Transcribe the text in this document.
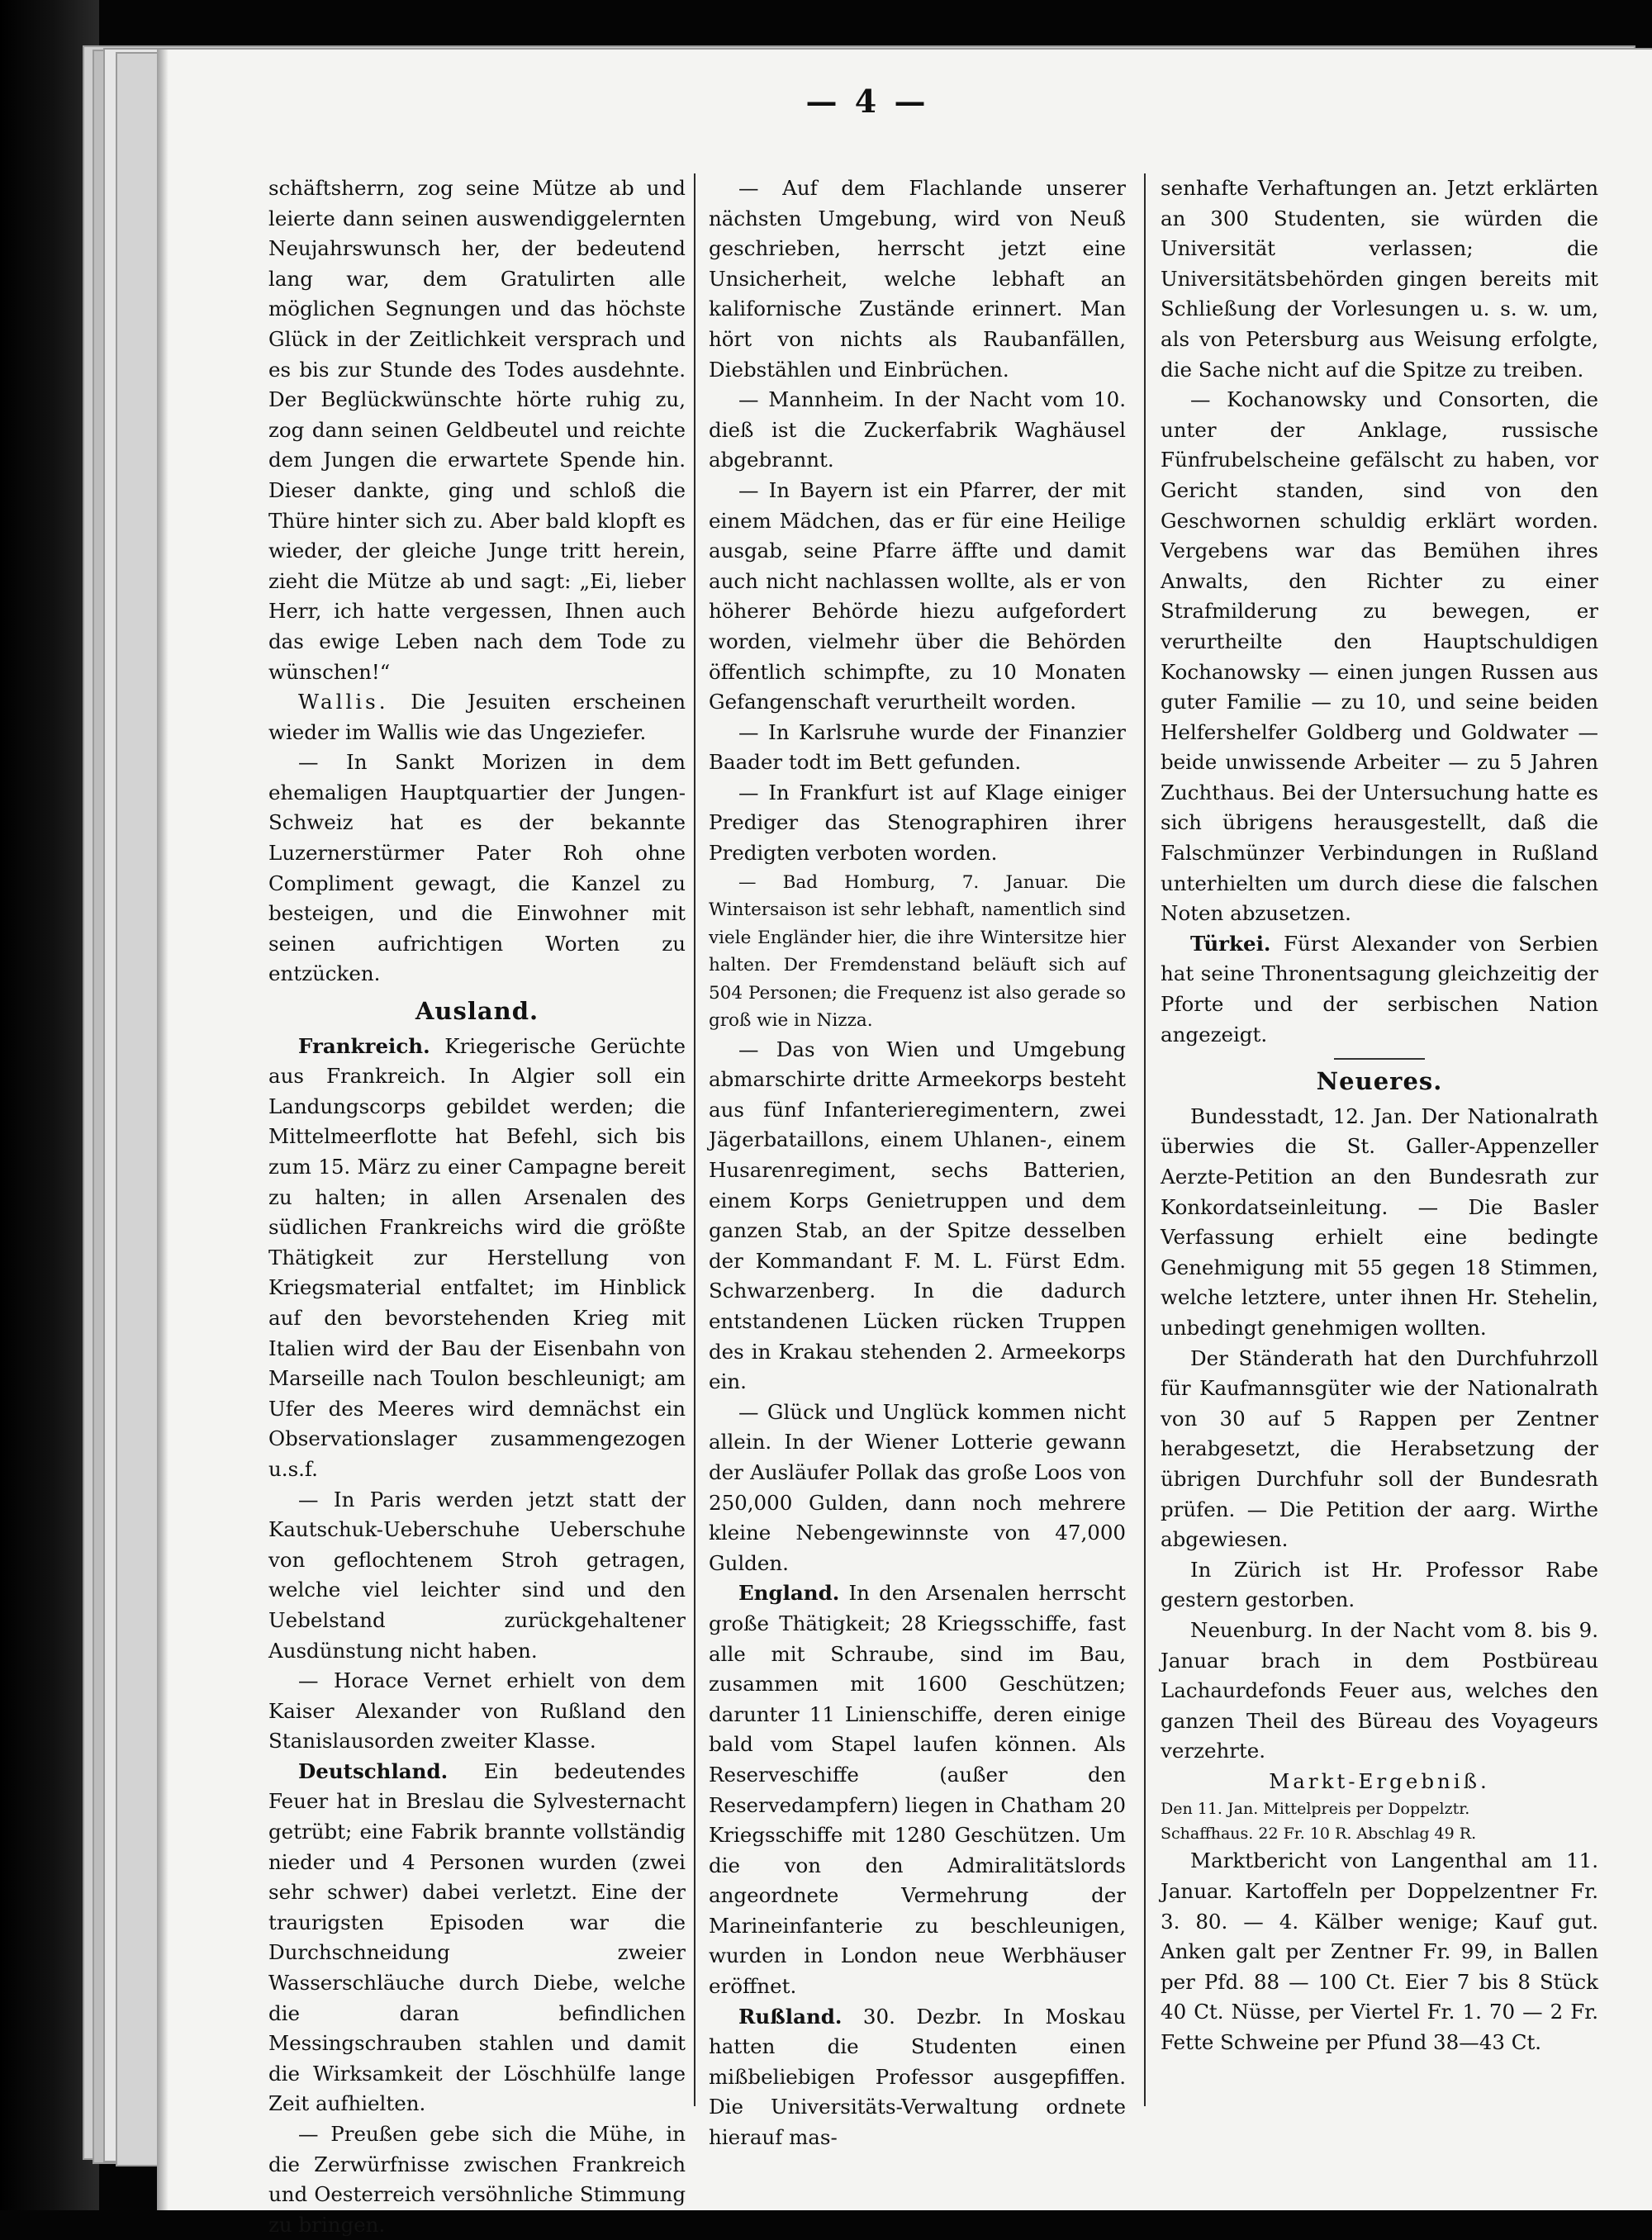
— 4 —

schäftsherrn, zog seine Mütze ab und leierte dann seinen auswendiggelernten Neujahrswunsch her, der bedeutend lang war, dem Gratulirten alle möglichen Segnungen und das höchste Glück in der Zeitlichkeit versprach und es bis zur Stunde des Todes ausdehnte. Der Beglückwünschte hörte ruhig zu, zog dann seinen Geldbeutel und reichte dem Jungen die erwartete Spende hin. Dieser dankte, ging und schloß die Thüre hinter sich zu. Aber bald klopft es wieder, der gleiche Junge tritt herein, zieht die Mütze ab und sagt: „Ei, lieber Herr, ich hatte vergessen, Ihnen auch das ewige Leben nach dem Tode zu wünschen!“

Wallis. Die Jesuiten erscheinen wieder im Wallis wie das Ungeziefer.

— In Sankt Morizen in dem ehemaligen Hauptquartier der Jungen-Schweiz hat es der bekannte Luzernerstürmer Pater Roh ohne Compliment gewagt, die Kanzel zu besteigen, und die Einwohner mit seinen aufrichtigen Worten zu entzücken.

Ausland.

Frankreich. Kriegerische Gerüchte aus Frankreich. In Algier soll ein Landungscorps gebildet werden; die Mittelmeerflotte hat Befehl, sich bis zum 15. März zu einer Campagne bereit zu halten; in allen Arsenalen des südlichen Frankreichs wird die größte Thätigkeit zur Herstellung von Kriegsmaterial entfaltet; im Hinblick auf den bevorstehenden Krieg mit Italien wird der Bau der Eisenbahn von Marseille nach Toulon beschleunigt; am Ufer des Meeres wird demnächst ein Observationslager zusammengezogen u.s.f.

— In Paris werden jetzt statt der Kautschuk-Ueberschuhe Ueberschuhe von geflochtenem Stroh getragen, welche viel leichter sind und den Uebelstand zurückgehaltener Ausdünstung nicht haben.

— Horace Vernet erhielt von dem Kaiser Alexander von Rußland den Stanislausorden zweiter Klasse.

Deutschland. Ein bedeutendes Feuer hat in Breslau die Sylvesternacht getrübt; eine Fabrik brannte vollständig nieder und 4 Personen wurden (zwei sehr schwer) dabei verletzt. Eine der traurigsten Episoden war die Durchschneidung zweier Wasserschläuche durch Diebe, welche die daran befindlichen Messingschrauben stahlen und damit die Wirksamkeit der Löschhülfe lange Zeit aufhielten.

— Preußen gebe sich die Mühe, in die Zerwürfnisse zwischen Frankreich und Oesterreich versöhnliche Stimmung zu bringen.

— Auf dem Flachlande unserer nächsten Umgebung, wird von Neuß geschrieben, herrscht jetzt eine Unsicherheit, welche lebhaft an kalifornische Zustände erinnert. Man hört von nichts als Raubanfällen, Diebstählen und Einbrüchen.

— Mannheim. In der Nacht vom 10. dieß ist die Zuckerfabrik Waghäusel abgebrannt.

— In Bayern ist ein Pfarrer, der mit einem Mädchen, das er für eine Heilige ausgab, seine Pfarre äffte und damit auch nicht nachlassen wollte, als er von höherer Behörde hiezu aufgefordert worden, vielmehr über die Behörden öffentlich schimpfte, zu 10 Monaten Gefangenschaft verurtheilt worden.

— In Karlsruhe wurde der Finanzier Baader todt im Bett gefunden.

— In Frankfurt ist auf Klage einiger Prediger das Stenographiren ihrer Predigten verboten worden.

— Bad Homburg, 7. Januar. Die Wintersaison ist sehr lebhaft, namentlich sind viele Engländer hier, die ihre Wintersitze hier halten. Der Fremdenstand beläuft sich auf 504 Personen; die Frequenz ist also gerade so groß wie in Nizza.

— Das von Wien und Umgebung abmarschirte dritte Armeekorps besteht aus fünf Infanterieregimentern, zwei Jägerbataillons, einem Uhlanen-, einem Husarenregiment, sechs Batterien, einem Korps Genietruppen und dem ganzen Stab, an der Spitze desselben der Kommandant F. M. L. Fürst Edm. Schwarzenberg. In die dadurch entstandenen Lücken rücken Truppen des in Krakau stehenden 2. Armeekorps ein.

— Glück und Unglück kommen nicht allein. In der Wiener Lotterie gewann der Ausläufer Pollak das große Loos von 250,000 Gulden, dann noch mehrere kleine Nebengewinnste von 47,000 Gulden.

England. In den Arsenalen herrscht große Thätigkeit; 28 Kriegsschiffe, fast alle mit Schraube, sind im Bau, zusammen mit 1600 Geschützen; darunter 11 Linienschiffe, deren einige bald vom Stapel laufen können. Als Reserveschiffe (außer den Reservedampfern) liegen in Chatham 20 Kriegsschiffe mit 1280 Geschützen. Um die von den Admiralitätslords angeordnete Vermehrung der Marineinfanterie zu beschleunigen, wurden in London neue Werbhäuser eröffnet.

Rußland. 30. Dezbr. In Moskau hatten die Studenten einen mißbeliebigen Professor ausgepfiffen. Die Universitäts-Verwaltung ordnete hierauf mas-

senhafte Verhaftungen an. Jetzt erklärten an 300 Studenten, sie würden die Universität verlassen; die Universitätsbehörden gingen bereits mit Schließung der Vorlesungen u. s. w. um, als von Petersburg aus Weisung erfolgte, die Sache nicht auf die Spitze zu treiben.

— Kochanowsky und Consorten, die unter der Anklage, russische Fünfrubelscheine gefälscht zu haben, vor Gericht standen, sind von den Geschwornen schuldig erklärt worden. Vergebens war das Bemühen ihres Anwalts, den Richter zu einer Strafmilderung zu bewegen, er verurtheilte den Hauptschuldigen Kochanowsky — einen jungen Russen aus guter Familie — zu 10, und seine beiden Helfershelfer Goldberg und Goldwater — beide unwissende Arbeiter — zu 5 Jahren Zuchthaus. Bei der Untersuchung hatte es sich übrigens herausgestellt, daß die Falschmünzer Verbindungen in Rußland unterhielten um durch diese die falschen Noten abzusetzen.

Türkei. Fürst Alexander von Serbien hat seine Thronentsagung gleichzeitig der Pforte und der serbischen Nation angezeigt.

Neueres.

Bundesstadt, 12. Jan. Der Nationalrath überwies die St. Galler-Appenzeller Aerzte-Petition an den Bundesrath zur Konkordatseinleitung. — Die Basler Verfassung erhielt eine bedingte Genehmigung mit 55 gegen 18 Stimmen, welche letztere, unter ihnen Hr. Stehelin, unbedingt genehmigen wollten.

Der Ständerath hat den Durchfuhrzoll für Kaufmannsgüter wie der Nationalrath von 30 auf 5 Rappen per Zentner herabgesetzt, die Herabsetzung der übrigen Durchfuhr soll der Bundesrath prüfen. — Die Petition der aarg. Wirthe abgewiesen.

In Zürich ist Hr. Professor Rabe gestern gestorben.

Neuenburg. In der Nacht vom 8. bis 9. Januar brach in dem Postbüreau Lachaurdefonds Feuer aus, welches den ganzen Theil des Büreau des Voyageurs verzehrte.

Markt-Ergebniß.

Den 11. Jan. Mittelpreis per Doppelztr.

Schaffhaus. 22 Fr. 10 R. Abschlag 49 R.

Marktbericht von Langenthal am 11. Januar. Kartoffeln per Doppelzentner Fr. 3. 80. — 4. Kälber wenige; Kauf gut. Anken galt per Zentner Fr. 99, in Ballen per Pfd. 88 — 100 Ct. Eier 7 bis 8 Stück 40 Ct. Nüsse, per Viertel Fr. 1. 70 — 2 Fr. Fette Schweine per Pfund 38—43 Ct.
